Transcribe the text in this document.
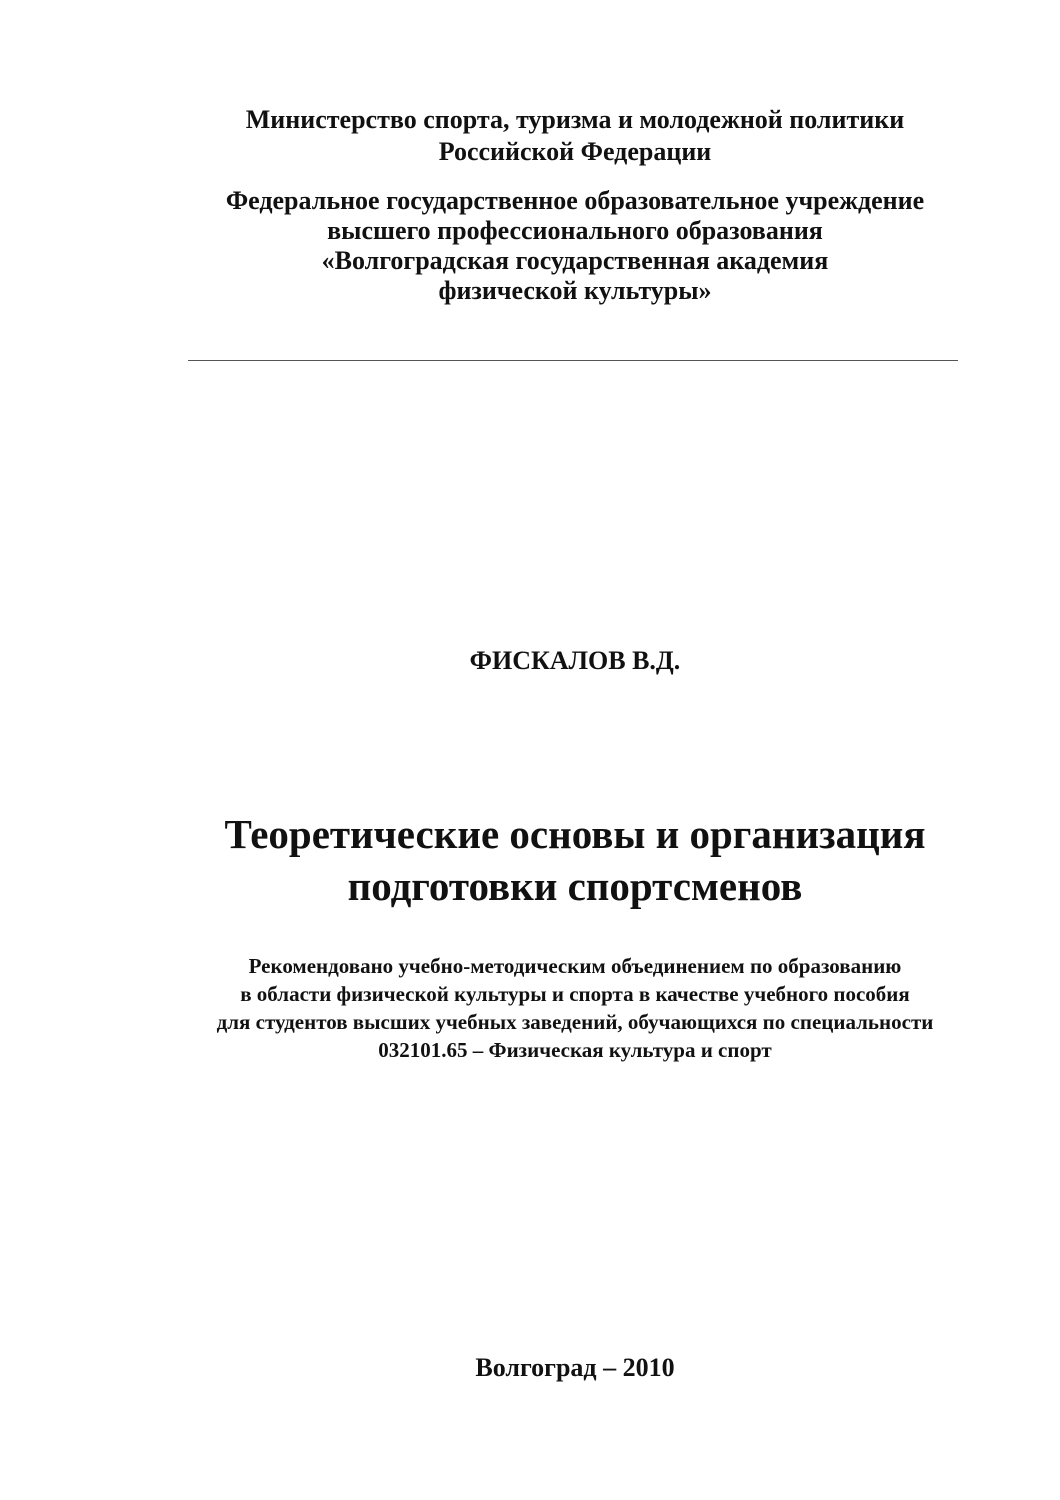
Министерство спорта, туризма и молодежной политики
Российской Федерации
Федеральное государственное образовательное учреждение
высшего профессионального образования
«Волгоградская государственная академия
физической культуры»
ФИСКАЛОВ В.Д.
Теоретические основы и организация
подготовки спортсменов
Рекомендовано учебно-методическим объединением по образованию
в области физической культуры и спорта в качестве учебного пособия
для студентов высших учебных заведений, обучающихся по специальности
032101.65 – Физическая культура и спорт
Волгоград – 2010
